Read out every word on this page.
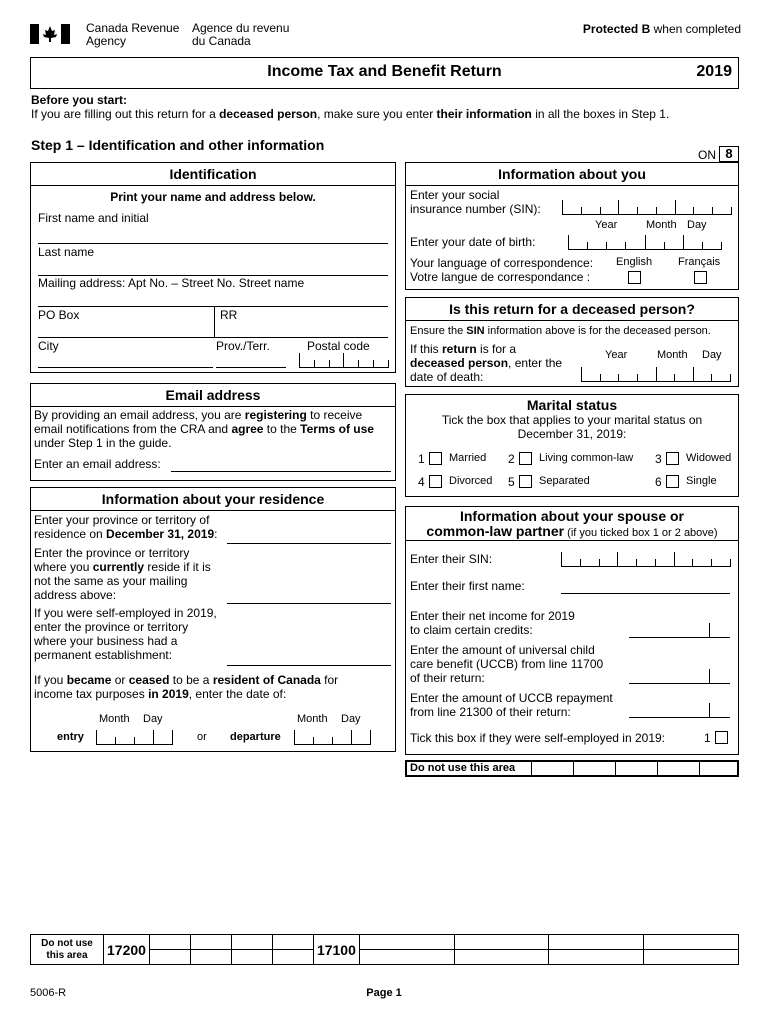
Canada Revenue
Agency
Agence du revenu
du Canada
Protected B when completed
Income Tax and Benefit Return	2019
Before you start:
If you are filling out this return for a deceased person, make sure you enter their information in all the boxes in Step 1.
Step 1 – Identification and other information
ON 8
Identification
Print your name and address below.
First name and initial
Last name
Mailing address: Apt No. – Street No. Street name
PO Box	RR
City	Prov./Terr.	Postal code
Email address
By providing an email address, you are registering to receive
email notifications from the CRA and agree to the Terms of use
under Step 1 in the guide.
Enter an email address:
Information about your residence
Enter your province or territory of
residence on December 31, 2019:
Enter the province or territory
where you currently reside if it is
not the same as your mailing
address above:
If you were self-employed in 2019,
enter the province or territory
where your business had a
permanent establishment:
If you became or ceased to be a resident of Canada for
income tax purposes in 2019, enter the date of:
Month Day
entry	or
Month Day
departure
Information about you
Enter your social
insurance number (SIN):
Year	Month Day
Enter your date of birth:
Your language of correspondence:
Votre langue de correspondance :
English Français
Is this return for a deceased person?
Ensure the SIN information above is for the deceased person.
If this return is for a
deceased person, enter the
date of death:
Year	Month Day
Marital status
Tick the box that applies to your marital status on
December 31, 2019:
1 Married 2 Living common-law 3 Widowed
4 Divorced 5 Separated	6 Single
Information about your spouse or
common-law partner (if you ticked box 1 or 2 above)
Enter their SIN:
Enter their first name:
Enter their net income for 2019
to claim certain credits:
Enter the amount of universal child
care benefit (UCCB) from line 11700
of their return:
Enter the amount of UCCB repayment
from line 21300 of their return:
Tick this box if they were self-employed in 2019:	1
Do not use this area
Do not use
this area	17200					17100				

5006-R	Page 1
